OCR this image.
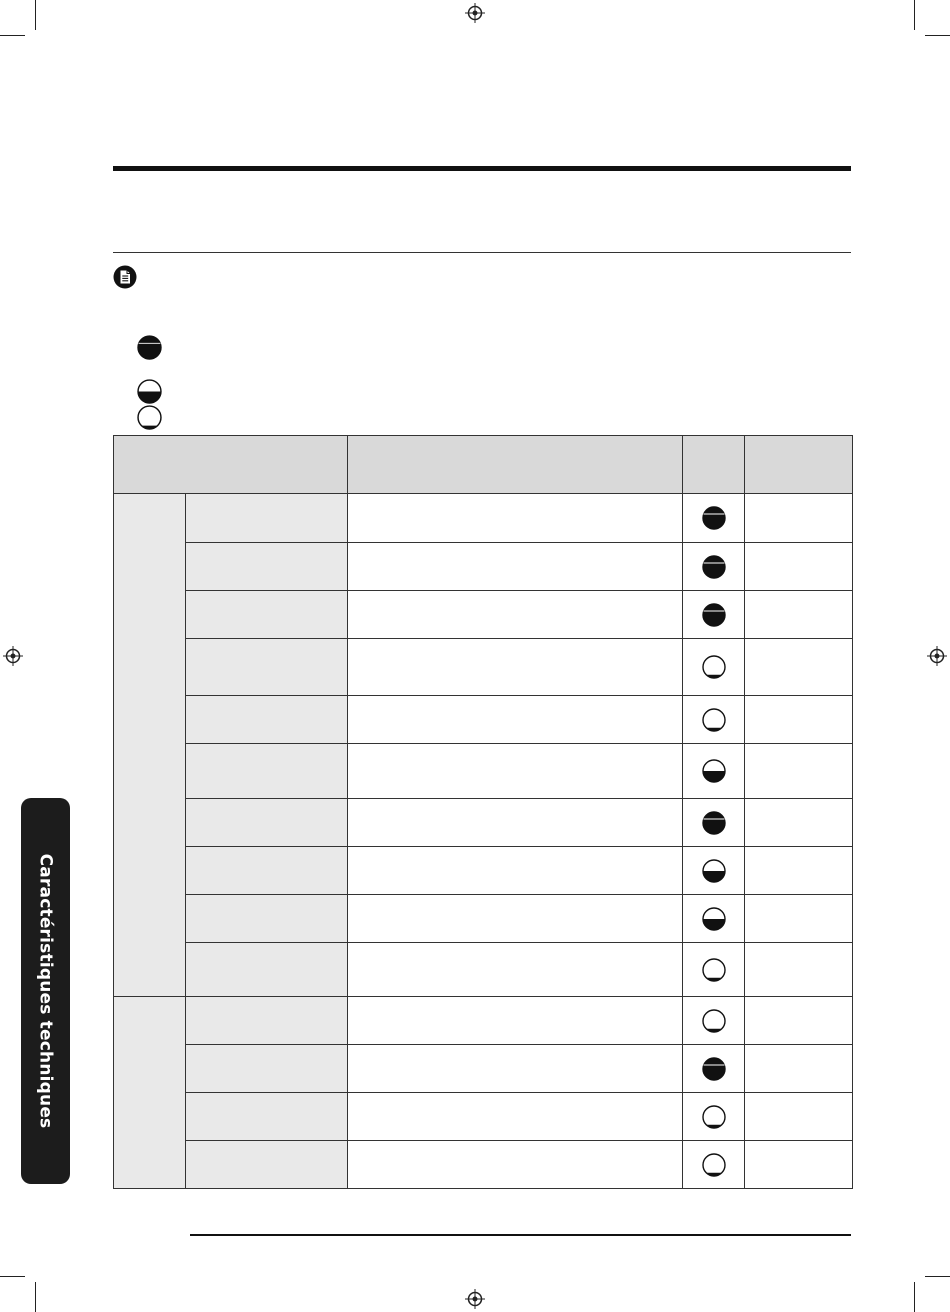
Caractéristiques techniques
